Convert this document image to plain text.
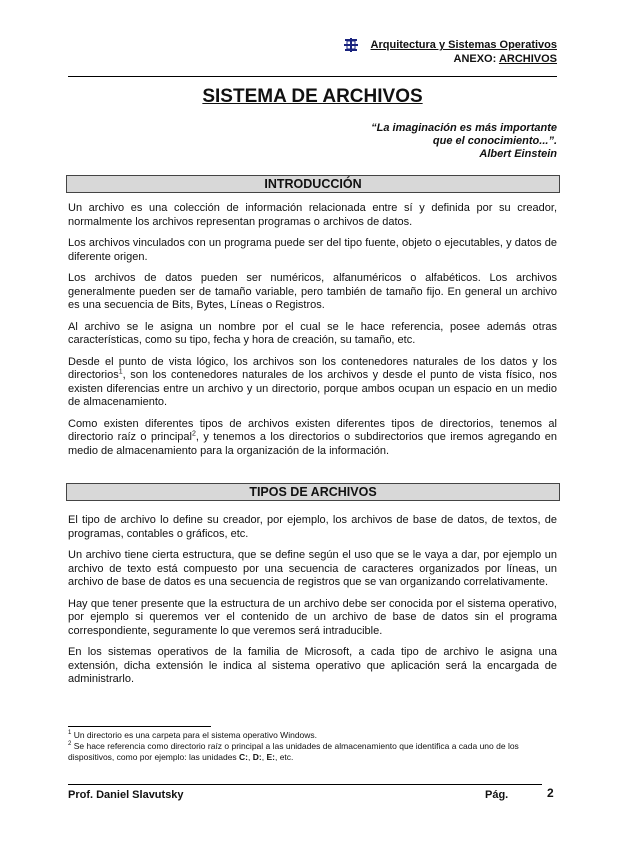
Arquitectura y Sistemas Operativos
ANEXO: ARCHIVOS
SISTEMA DE ARCHIVOS
“La imaginación es más importante
que el conocimiento...”.
Albert Einstein
INTRODUCCIÓN

Un archivo es una colección de información relacionada entre sí y definida por su creador, normalmente los archivos representan programas o archivos de datos.

Los archivos vinculados con un programa puede ser del tipo fuente, objeto o ejecutables, y datos de diferente origen.

Los archivos de datos pueden ser numéricos, alfanuméricos o alfabéticos. Los archivos generalmente pueden ser de tamaño variable, pero también de tamaño fijo. En general un archivo es una secuencia de Bits, Bytes, Líneas o Registros.

Al archivo se le asigna un nombre por el cual se le hace referencia, posee además otras características, como su tipo, fecha y hora de creación, su tamaño, etc.

Desde el punto de vista lógico, los archivos son los contenedores naturales de los datos y los directorios$^1$, son los contenedores naturales de los archivos y desde el punto de vista físico, nos existen diferencias entre un archivo y un directorio, porque ambos ocupan un espacio en un medio de almacenamiento.

Como existen diferentes tipos de archivos existen diferentes tipos de directorios, tenemos al directorio raíz o principal$^2$, y tenemos a los directorios o subdirectorios que iremos agregando en medio de almacenamiento para la organización de la información.

TIPOS DE ARCHIVOS

El tipo de archivo lo define su creador, por ejemplo, los archivos de base de datos, de textos, de programas, contables o gráficos, etc.

Un archivo tiene cierta estructura, que se define según el uso que se le vaya a dar, por ejemplo un archivo de texto está compuesto por una secuencia de caracteres organizados por líneas, un archivo de base de datos es una secuencia de registros que se van organizando correlativamente.

Hay que tener presente que la estructura de un archivo debe ser conocida por el sistema operativo, por ejemplo si queremos ver el contenido de un archivo de base de datos sin el programa correspondiente, seguramente lo que veremos será intraducible.

En los sistemas operativos de la familia de Microsoft, a cada tipo de archivo le asigna una extensión, dicha extensión le indica al sistema operativo que aplicación será la encargada de administrarlo.

$^1$ Un directorio es una carpeta para el sistema operativo Windows.

$^2$ Se hace referencia como directorio raíz o principal a las unidades de almacenamiento que identifica a cada uno de los dispositivos, como por ejemplo: las unidades C:, D:, E:, etc.

Prof. Daniel Slavutsky	Pág.	2
